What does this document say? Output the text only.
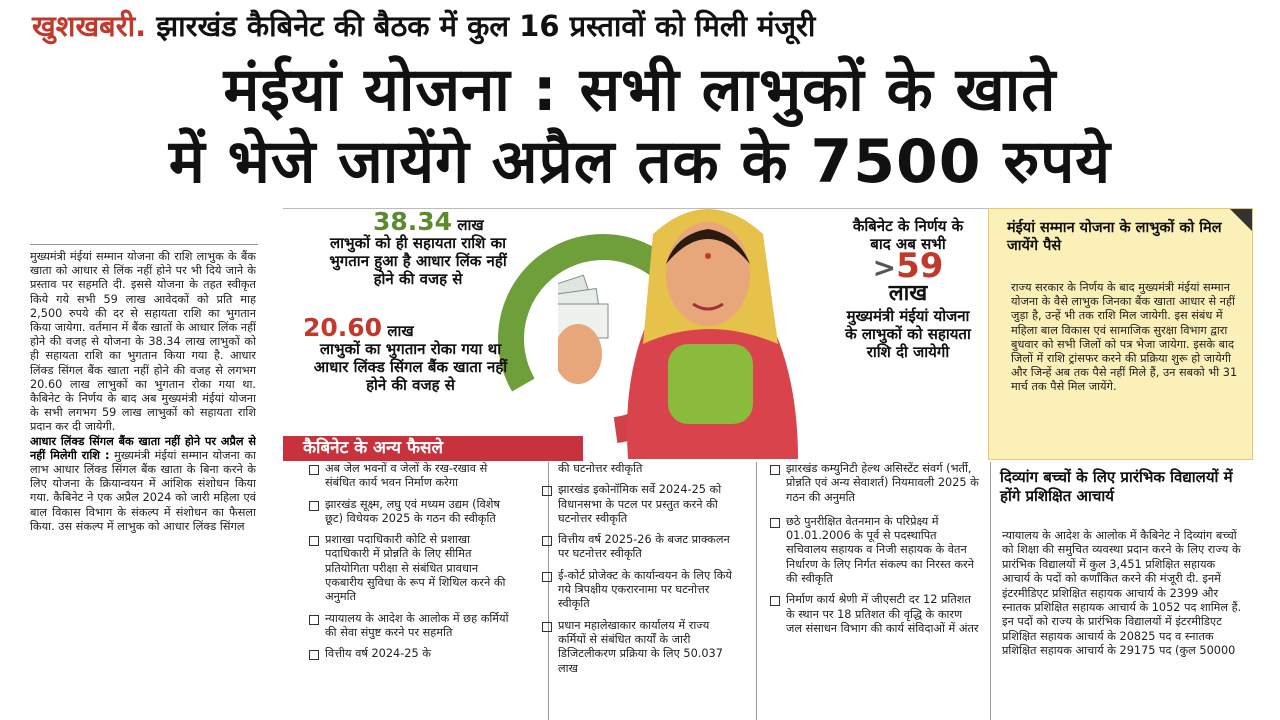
खुशखबरी. झारखंड कैबिनेट की बैठक में कुल 16 प्रस्तावों को मिली मंजूरी
मंईयां योजना : सभी लाभुकों के खाते
में भेजे जायेंगे अप्रैल तक के 7500 रुपये

मुख्यमंत्री मंईयां सम्मान योजना की राशि लाभुक के बैंक खाता को आधार से लिंक नहीं होने पर भी दिये जाने के प्रस्ताव पर सहमति दी. इससे योजना के तहत स्वीकृत किये गये सभी 59 लाख आवेदकों को प्रति माह 2,500 रुपये की दर से सहायता राशि का भुगतान किया जायेगा. वर्तमान में बैंक खातों के आधार लिंक नहीं होने की वजह से योजना के 38.34 लाख लाभुकों को ही सहायता राशि का भुगतान किया गया है. आधार लिंक्ड सिंगल बैंक खाता नहीं होने की वजह से लगभग 20.60 लाख लाभुकों का भुगतान रोका गया था. कैबिनेट के निर्णय के बाद अब मुख्यमंत्री मंईयां योजना के सभी लगभग 59 लाख लाभुकों को सहायता राशि प्रदान कर दी जायेगी.

आधार लिंक्ड सिंगल बैंक खाता नहीं होने पर अप्रैल से नहीं मिलेगी राशि : मुख्यमंत्री मंईयां सम्मान योजना का लाभ आधार लिंक्ड सिंगल बैंक खाता के बिना करने के लिए योजना के क्रियान्वयन में आंशिक संशोधन किया गया. कैबिनेट ने एक अप्रैल 2024 को जारी महिला एवं बाल विकास विभाग के संकल्प में संशोधन का फैसला किया. उस संकल्प में लाभुक को आधार लिंक्ड सिंगल

38.34 लाख
लाभुकों को ही सहायता राशि का भुगतान हुआ है आधार लिंक नहीं होने की वजह से
20.60 लाख
लाभुकों का भुगतान रोका गया था आधार लिंक्ड सिंगल बैंक खाता नहीं होने की वजह से
कैबिनेट के निर्णय के बाद अब सभी
>59
लाख
मुख्यमंत्री मंईयां योजना के लाभुकों को सहायता राशि दी जायेगी
कैबिनेट के अन्य फैसले
मंईयां सम्मान योजना के लाभुकों को मिल जायेंगे पैसे
राज्य सरकार के निर्णय के बाद मुख्यमंत्री मंईयां सम्मान योजना के वैसे लाभुक जिनका बैंक खाता आधार से नहीं जुड़ा है, उन्हें भी तक राशि मिल जायेगी. इस संबंध में महिला बाल विकास एवं सामाजिक सुरक्षा विभाग द्वारा बुधवार को सभी जिलों को पत्र भेजा जायेगा. इसके बाद जिलों में राशि ट्रांसफर करने की प्रक्रिया शुरू हो जायेगी और जिन्हें अब तक पैसे नहीं मिले हैं, उन सबको भी 31 मार्च तक पैसे मिल जायेंगे.
अब जेल भवनों व जेलों के रख-रखाव से संबंधित कार्य भवन निर्माण करेगा
झारखंड सूक्ष्म, लघु एवं मध्यम उद्यम (विशेष छूट) विधेयक 2025 के गठन की स्वीकृति
प्रशाखा पदाधिकारी कोटि से प्रशाखा पदाधिकारी में प्रोन्नति के लिए सीमित प्रतियोगिता परीक्षा से संबंधित प्रावधान एकबारीय सुविधा के रूप में शिथिल करने की अनुमति
न्यायालय के आदेश के आलोक में छह कर्मियों की सेवा संपुष्ट करने पर सहमति
वित्तीय वर्ष 2024-25 के
की घटनोत्तर स्वीकृति
झारखंड इकोनॉमिक सर्वे 2024-25 को विधानसभा के पटल पर प्रस्तुत करने की घटनोत्तर स्वीकृति
वित्तीय वर्ष 2025-26 के बजट प्राक्कलन पर घटनोत्तर स्वीकृति
ई-कोर्ट प्रोजेक्ट के कार्यान्वयन के लिए किये गये त्रिपक्षीय एकरारनामा पर घटनोत्तर स्वीकृति
प्रधान महालेखाकार कार्यालय में राज्य कर्मियों से संबंधित कार्यों के जारी डिजिटलीकरण प्रक्रिया के लिए 50.037 लाख
झारखंड कम्युनिटी हेल्थ असिस्टेंट संवर्ग (भर्ती, प्रोन्नति एवं अन्य सेवाशर्त) नियमावली 2025 के गठन की अनुमति
छठे पुनरीक्षित वेतनमान के परिप्रेक्ष्य में 01.01.2006 के पूर्व से पदस्थापित सचिवालय सहायक व निजी सहायक के वेतन निर्धारण के लिए निर्गत संकल्प का निरस्त करने की स्वीकृति
निर्माण कार्य श्रेणी में जीएसटी दर 12 प्रतिशत के स्थान पर 18 प्रतिशत की वृद्धि के कारण जल संसाधन विभाग की कार्य संविदाओं में अंतर
दिव्यांग बच्चों के लिए प्रारंभिक विद्यालयों में होंगे प्रशिक्षित आचार्य
न्यायालय के आदेश के आलोक में कैबिनेट ने दिव्यांग बच्चों को शिक्षा की समुचित व्यवस्था प्रदान करने के लिए राज्य के प्रारंभिक विद्यालयों में कुल 3,451 प्रशिक्षित सहायक आचार्य के पदों को कर्णांकित करने की मंजूरी दी. इनमें इंटरमीडिएट प्रशिक्षित सहायक आचार्य के 2399 और स्नातक प्रशिक्षित सहायक आचार्य के 1052 पद शामिल हैं. इन पदों को राज्य के प्रारंभिक विद्यालयों में इंटरमीडिएट प्रशिक्षित सहायक आचार्य के 20825 पद व स्नातक प्रशिक्षित सहायक आचार्य के 29175 पद (कुल 50000
